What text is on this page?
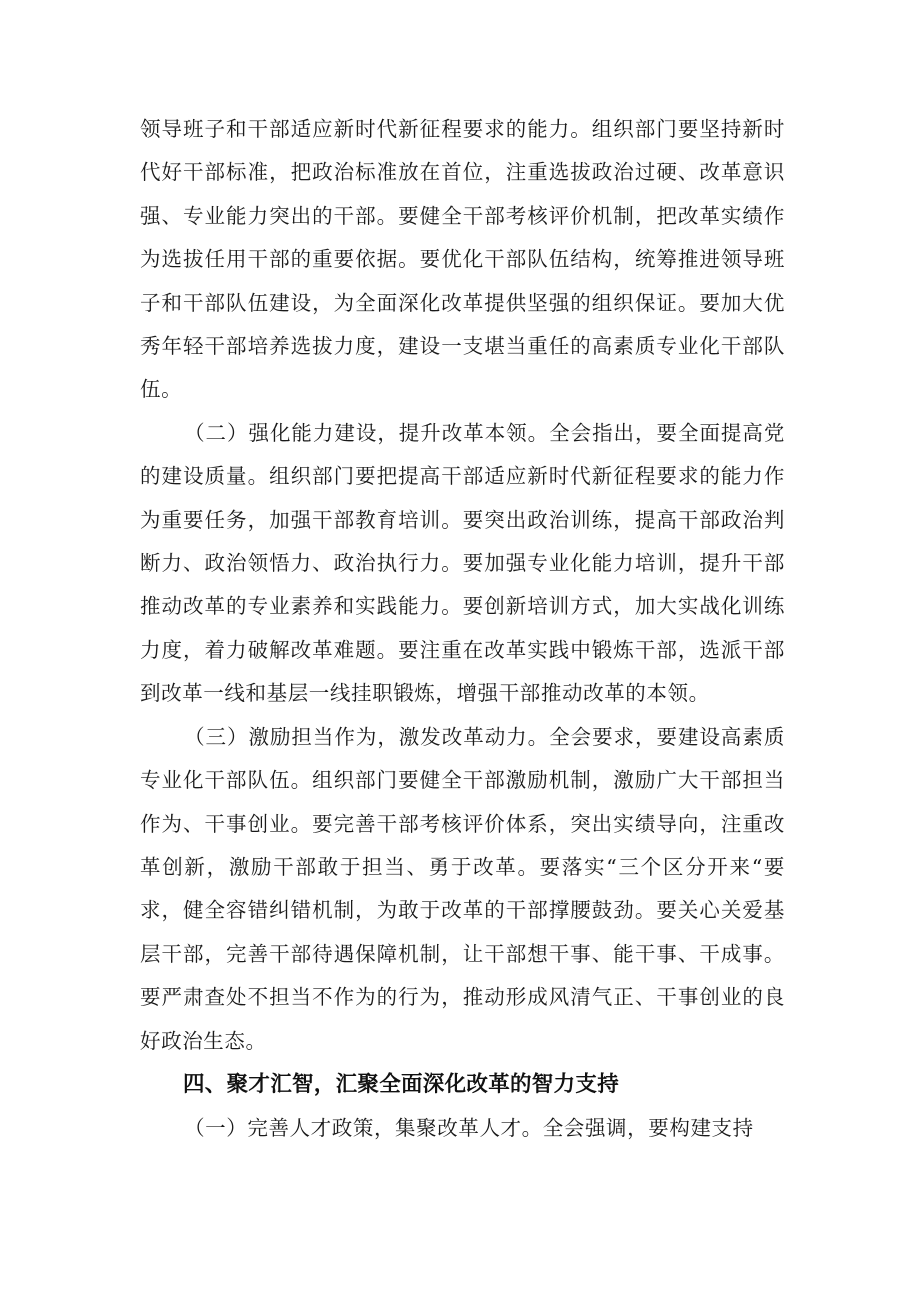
领导班子和干部适应新时代新征程要求的能力。组织部门要坚持新时代好干部标准，把政治标准放在首位，注重选拔政治过硬、改革意识强、专业能力突出的干部。要健全干部考核评价机制，把改革实绩作为选拔任用干部的重要依据。要优化干部队伍结构，统筹推进领导班子和干部队伍建设，为全面深化改革提供坚强的组织保证。要加大优秀年轻干部培养选拔力度，建设一支堪当重任的高素质专业化干部队伍。

（二）强化能力建设，提升改革本领。全会指出，要全面提高党的建设质量。组织部门要把提高干部适应新时代新征程要求的能力作为重要任务，加强干部教育培训。要突出政治训练，提高干部政治判断力、政治领悟力、政治执行力。要加强专业化能力培训，提升干部推动改革的专业素养和实践能力。要创新培训方式，加大实战化训练力度，着力破解改革难题。要注重在改革实践中锻炼干部，选派干部到改革一线和基层一线挂职锻炼，增强干部推动改革的本领。

（三）激励担当作为，激发改革动力。全会要求，要建设高素质专业化干部队伍。组织部门要健全干部激励机制，激励广大干部担当作为、干事创业。要完善干部考核评价体系，突出实绩导向，注重改革创新，激励干部敢于担当、勇于改革。要落实“三个区分开来“要求，健全容错纠错机制，为敢于改革的干部撑腰鼓劲。要关心关爱基层干部，完善干部待遇保障机制，让干部想干事、能干事、干成事。要严肃查处不担当不作为的行为，推动形成风清气正、干事创业的良好政治生态。

四、聚才汇智，汇聚全面深化改革的智力支持

（一）完善人才政策，集聚改革人才。全会强调，要构建支持
